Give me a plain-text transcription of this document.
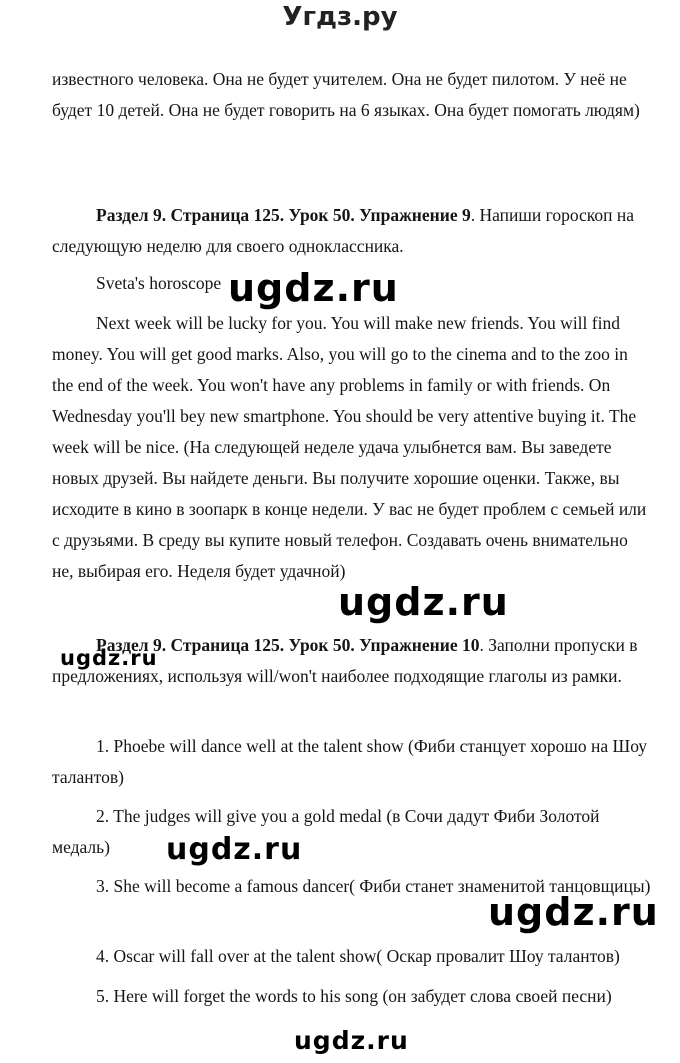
Угдз.ру

известного человека. Она не будет учителем. Она не будет пилотом. У неё не будет 10 детей. Она не будет говорить на 6 языках. Она будет помогать людям)

Раздел 9. Страница 125. Урок 50. Упражнение 9. Напиши гороскоп на следующую неделю для своего одноклассника.

Sveta's horoscope

Next week will be lucky for you. You will make new friends. You will find money. You will get good marks. Also, you will go to the cinema and to the zoo in the end of the week. You won't have any problems in family or with friends. On Wednesday you'll bey new smartphone. You should be very attentive buying it. The week will be nice. (На следующей неделе удача улыбнется вам. Вы заведете новых друзей. Вы найдете деньги. Вы получите хорошие оценки. Также, вы исходите в кино в зоопарк в конце недели. У вас не будет проблем с семьей или с друзьями. В среду вы купите новый телефон. Создавать очень внимательно не, выбирая его. Неделя будет удачной)

Раздел 9. Страница 125. Урок 50. Упражнение 10. Заполни пропуски в предложениях, используя will/won't наиболее подходящие глаголы из рамки.

1. Phoebe will dance well at the talent show (Фиби станцует хорошо на Шоу талантов)

2. The judges will give you a gold medal (в Сочи дадут Фиби Золотой медаль)

3. She will become a famous dancer( Фиби станет знаменитой танцовщицы)

4. Oscar will fall over at the talent show( Оскар провалит Шоу талантов)

5. Here will forget the words to his song (он забудет слова своей песни)

ugdz.ru
ugdz.ru
ugdz.ru
ugdz.ru
ugdz.ru
ugdz.ru
